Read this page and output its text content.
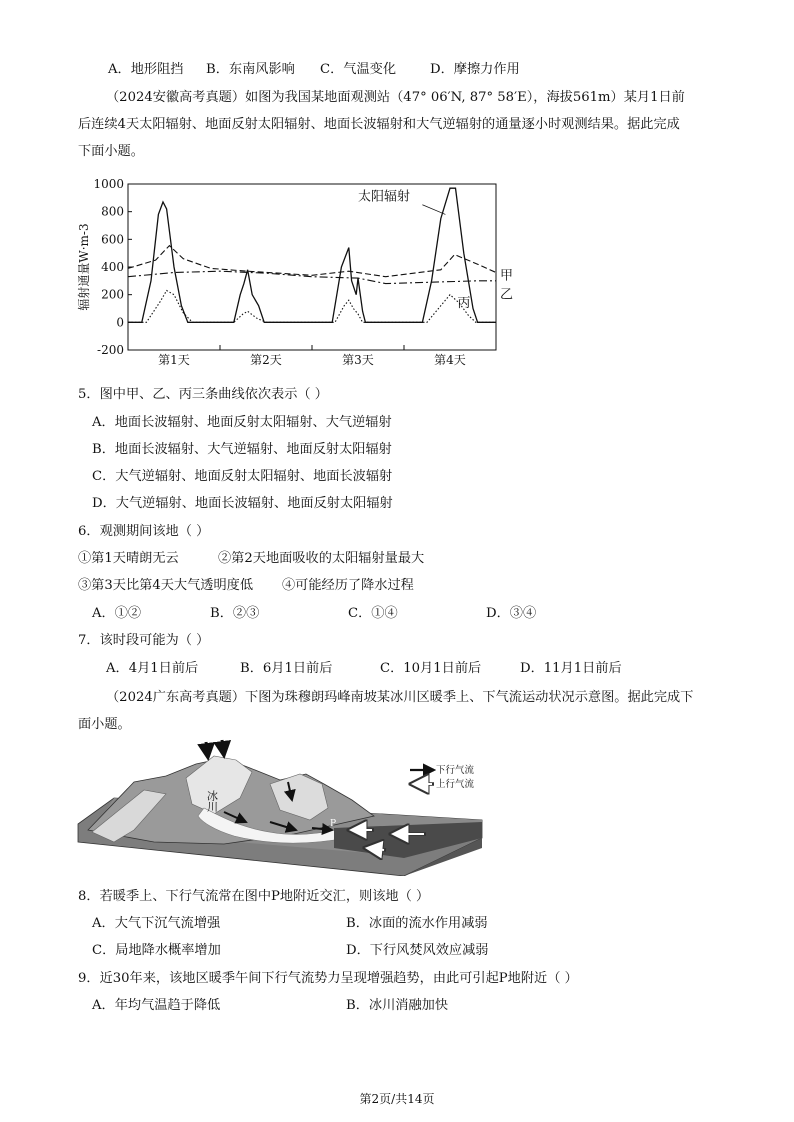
A．地形阻挡 B．东南风影响 C．气温变化	D．摩擦力作用
（2024安徽高考真题）如图为我国某地面观测站（47° 06′N, 87° 58′E），海拔561m）某月1日前
后连续4天太阳辐射、地面反射太阳辐射、地面长波辐射和大气逆辐射的通量逐小时观测结果。据此完成
下面小题。
1000
800
600
400
200
0
-200
第1天	第2天	第3天	第4天
辐射通量W·m-3
太阳辐射
甲
乙
丙
5．图中甲、乙、丙三条曲线依次表示（ ）
A．地面长波辐射、地面反射太阳辐射、大气逆辐射
B．地面长波辐射、大气逆辐射、地面反射太阳辐射
C．大气逆辐射、地面反射太阳辐射、地面长波辐射
D．大气逆辐射、地面长波辐射、地面反射太阳辐射
6．观测期间该地（ ）
①第1天晴朗无云	②第2天地面吸收的太阳辐射量最大
③第3天比第4天大气透明度低 ④可能经历了降水过程
A．①②	B．②③	C．①④	D．③④
7．该时段可能为（ ）
A．4月1日前后	B．6月1日前后	C．10月1日前后	D．11月1日前后
（2024广东高考真题）下图为珠穆朗玛峰南坡某冰川区暖季上、下气流运动状况示意图。据此完成下
面小题。
冰川
P
下行气流
上行气流
8．若暖季上、下行气流常在图中P地附近交汇，则该地（ ）
A．大气下沉气流增强	B．冰面的流水作用减弱
C．局地降水概率增加	D．下行风焚风效应减弱
9．近30年来，该地区暖季午间下行气流势力呈现增强趋势，由此可引起P地附近（ ）
A．年均气温趋于降低	B．冰川消融加快
第2页/共14页
